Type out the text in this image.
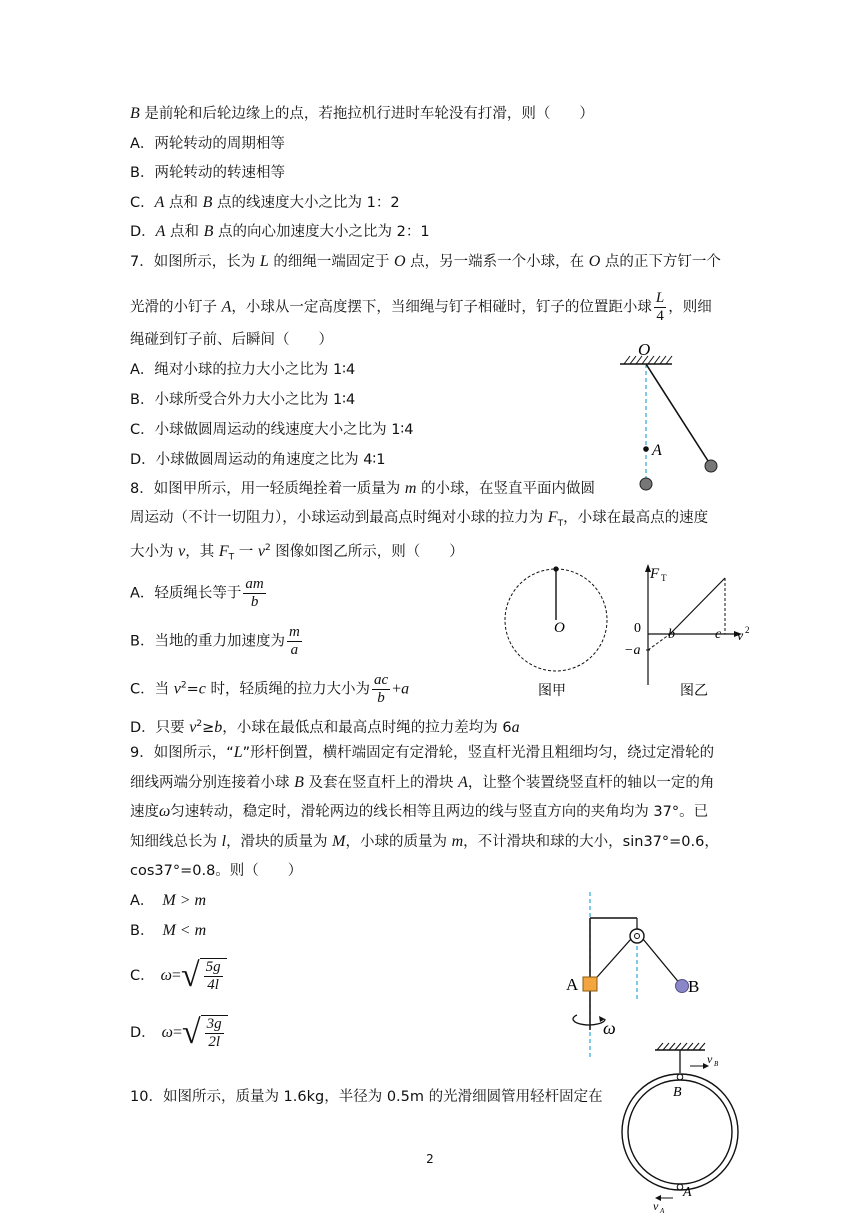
B 是前轮和后轮边缘上的点，若拖拉机行进时车轮没有打滑，则（　　）
A．两轮转动的周期相等
B．两轮转动的转速相等
C．A 点和 B 点的线速度大小之比为 1：2
D．A 点和 B 点的向心加速度大小之比为 2：1
7．如图所示，长为 L 的细绳一端固定于 O 点，另一端系一个小球，在 O 点的正下方钉一个
光滑的小钉子 A，小球从一定高度摆下，当细绳与钉子相碰时，钉子的位置距小球 $\frac{L}{4}$ ，则细
绳碰到钉子前、后瞬间（　　）
A．绳对小球的拉力大小之比为 1∶4
B．小球所受合外力大小之比为 1∶4
C．小球做圆周运动的线速度大小之比为 1∶4
D．小球做圆周运动的角速度之比为 4∶1
O
A
8．如图甲所示，用一轻质绳拴着一质量为 m 的小球，在竖直平面内做圆
周运动（不计一切阻力），小球运动到最高点时绳对小球的拉力为 $F_T$，小球在最高点的速度
大小为 v，其 $F_T$ 一 $v^2$ 图像如图乙所示，则（　　）
A．轻质绳长等于 $\frac{am}{b}$
B．当地的重力加速度为 $\frac{m}{a}$
C．当 $v^2=c$ 时，轻质绳的拉力大小为 $\frac{ac}{b} +a$
D．只要 $v^2\ge b$，小球在最低点和最高点时绳的拉力差均为 6a
O
图甲
F T
0
−a
b	c v 2
图乙
9．如图所示，“L”形杆倒置，横杆端固定有定滑轮，竖直杆光滑且粗细均匀，绕过定滑轮的
细线两端分别连接着小球 B 及套在竖直杆上的滑块 A，让整个装置绕竖直杆的轴以一定的角
速度ω匀速转动，稳定时，滑轮两边的线长相等且两边的线与竖直方向的夹角均为 37°。已
知细线总长为 l，滑块的质量为 M，小球的质量为 m，不计滑块和球的大小，sin37°=0.6，
cos37°=0.8。则（　　）
A． M > m
B． M < m
C． $\omega=√ \frac{5g}{4l}$
D． $\omega=√ \frac{3g}{2l}$
A	B
ω
10．如图所示，质量为 1.6kg，半径为 0.5m 的光滑细圆管用轻杆固定在	B
A
v B
v A
2
